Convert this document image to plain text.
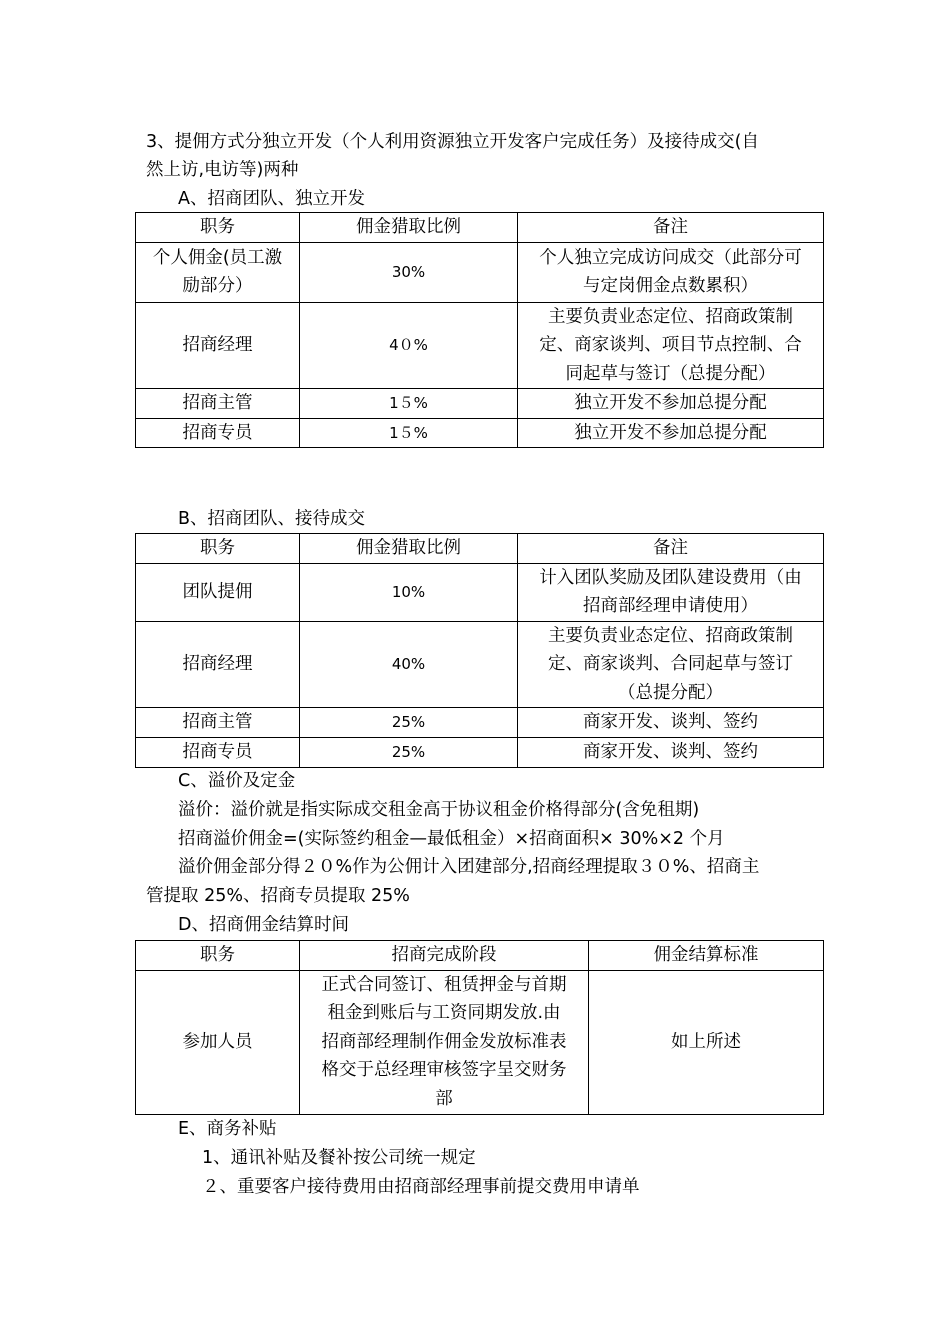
3、提佣方式分独立开发（个人利用资源独立开发客户完成任务）及接待成交(自
然上访,电访等)两种
A、招商团队、独立开发
职务	佣金猎取比例	备注
个人佣金(员工激
励部分）	30%	个人独立完成访问成交（此部分可
与定岗佣金点数累积）
招商经理	4０%	主要负责业态定位、招商政策制
定、商家谈判、项目节点控制、合
同起草与签订（总提分配）
招商主管	1５%	独立开发不参加总提分配
招商专员	1５%	独立开发不参加总提分配
B、招商团队、接待成交
职务	佣金猎取比例	备注
团队提佣	10%	计入团队奖励及团队建设费用（由
招商部经理申请使用）
招商经理	40%	主要负责业态定位、招商政策制
定、商家谈判、合同起草与签订
（总提分配）
招商主管	25%	商家开发、谈判、签约
招商专员	25%	商家开发、谈判、签约
C、溢价及定金
溢价：溢价就是指实际成交租金高于协议租金价格得部分(含免租期)
招商溢价佣金=(实际签约租金—最低租金）×招商面积× 30%×2 个月
溢价佣金部分得２０%作为公佣计入团建部分,招商经理提取３０%、招商主
管提取 25%、招商专员提取 25%
D、招商佣金结算时间
职务	招商完成阶段	佣金结算标准
参加人员	正式合同签订、租赁押金与首期
租金到账后与工资同期发放.由
招商部经理制作佣金发放标准表
格交于总经理审核签字呈交财务
部	如上所述
E、商务补贴
1、通讯补贴及餐补按公司统一规定
２、重要客户接待费用由招商部经理事前提交费用申请单
